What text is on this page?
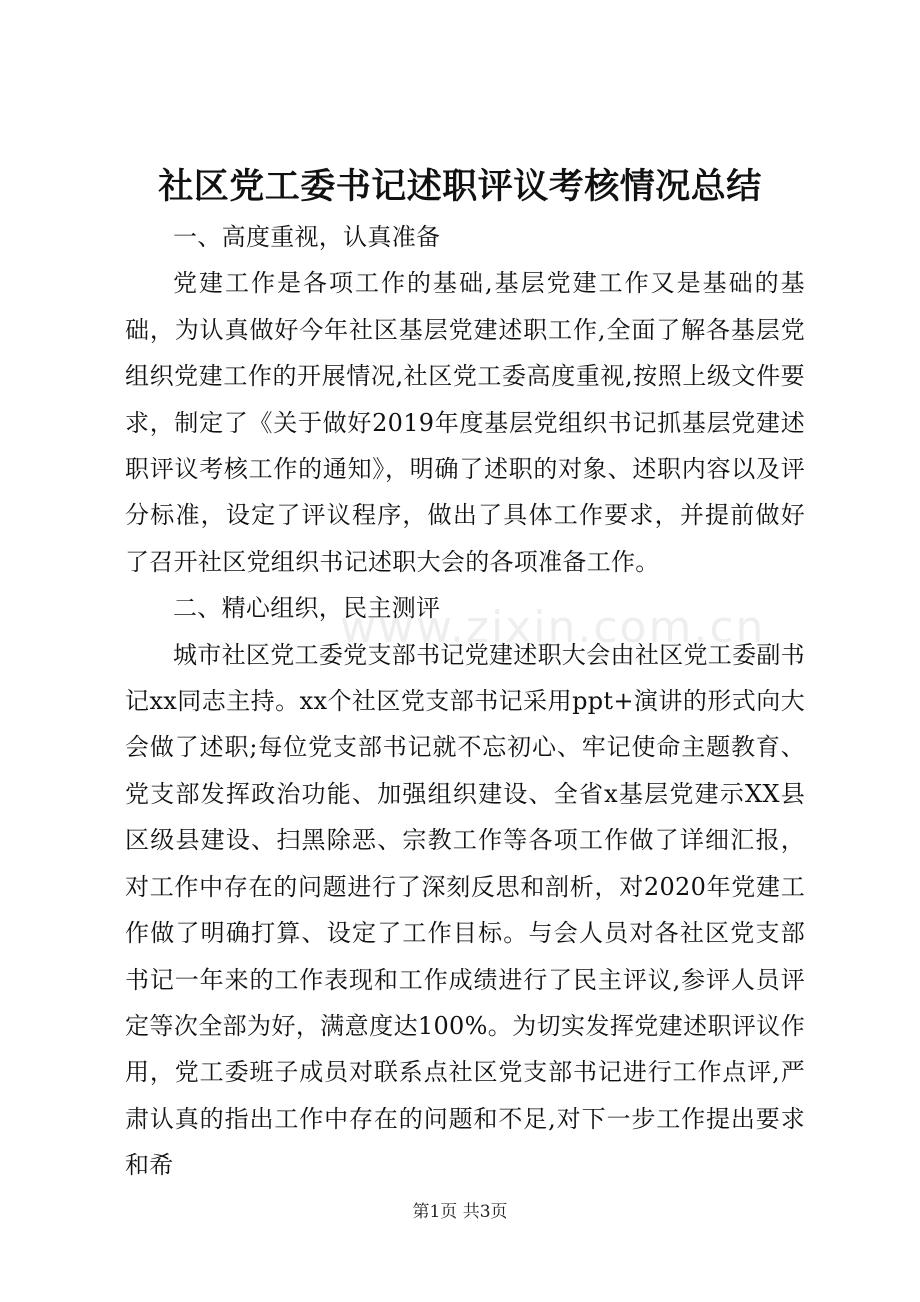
社区党工委书记述职评议考核情况总结

一、高度重视，认真准备

党建工作是各项工作的基础,基层党建工作又是基础的基础，为认真做好今年社区基层党建述职工作,全面了解各基层党组织党建工作的开展情况,社区党工委高度重视,按照上级文件要求，制定了《关于做好2019年度基层党组织书记抓基层党建述职评议考核工作的通知》，明确了述职的对象、述职内容以及评分标准，设定了评议程序，做出了具体工作要求，并提前做好了召开社区党组织书记述职大会的各项准备工作。

二、精心组织，民主测评

城市社区党工委党支部书记党建述职大会由社区党工委副书记xx同志主持。xx个社区党支部书记采用ppt+演讲的形式向大会做了述职;每位党支部书记就不忘初心、牢记使命主题教育、党支部发挥政治功能、加强组织建设、全省x基层党建示XX县区级县建设、扫黑除恶、宗教工作等各项工作做了详细汇报，对工作中存在的问题进行了深刻反思和剖析，对2020年党建工作做了明确打算、设定了工作目标。与会人员对各社区党支部书记一年来的工作表现和工作成绩进行了民主评议,参评人员评定等次全部为好，满意度达100%。为切实发挥党建述职评议作用，党工委班子成员对联系点社区党支部书记进行工作点评,严肃认真的指出工作中存在的问题和不足,对下一步工作提出要求和希

www.zixin.com.cn
第1页 共3页
